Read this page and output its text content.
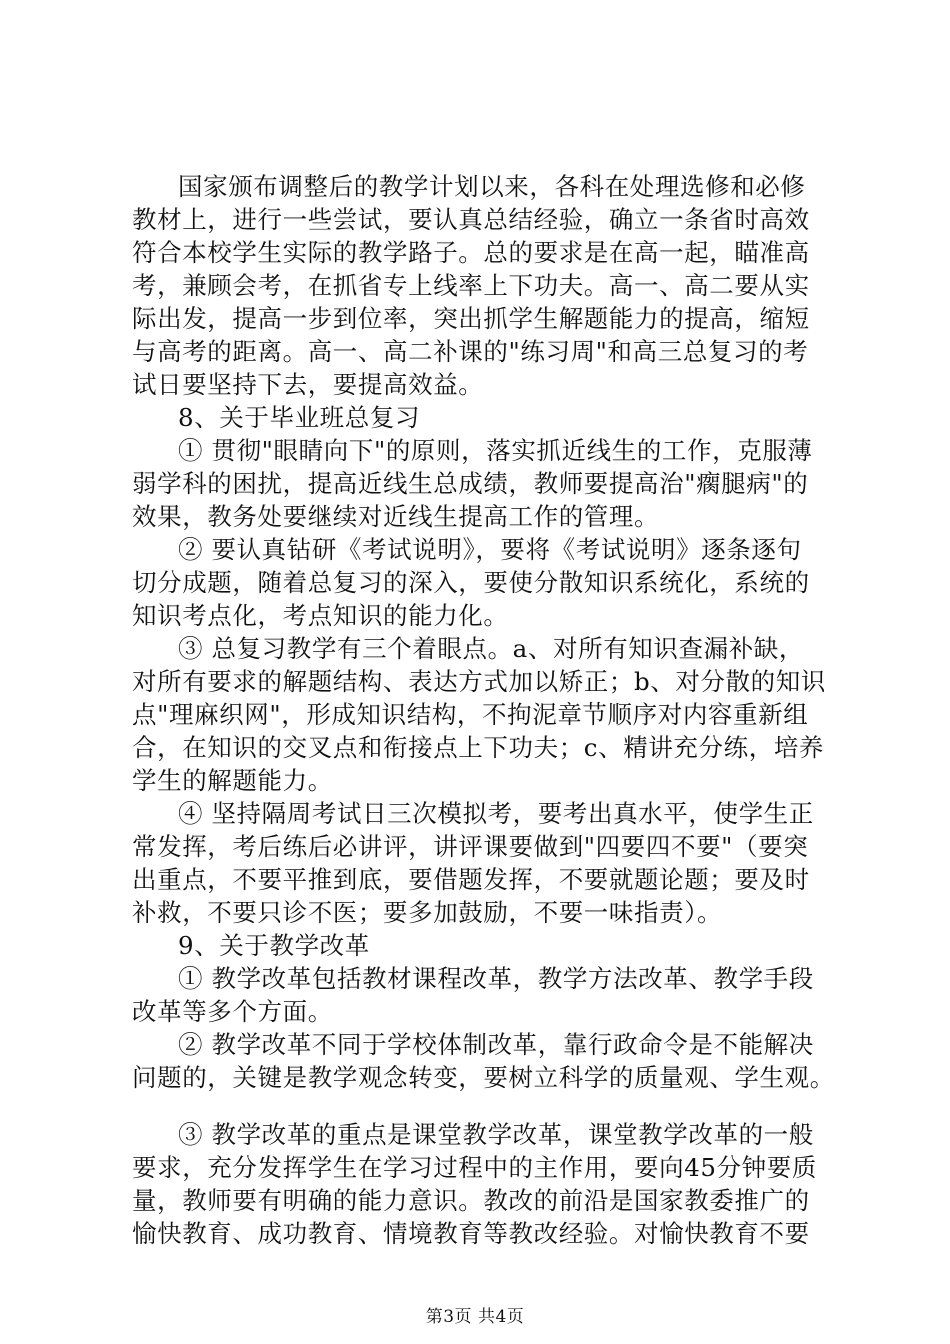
国家颁布调整后的教学计划以来，各科在处理选修和必修
教材上，进行一些尝试，要认真总结经验，确立一条省时高效
符合本校学生实际的教学路子。总的要求是在高一起，瞄准高
考，兼顾会考，在抓省专上线率上下功夫。高一、高二要从实
际出发，提高一步到位率，突出抓学生解题能力的提高，缩短
与高考的距离。高一、高二补课的"练习周"和高三总复习的考
试日要坚持下去，要提高效益。
8、关于毕业班总复习
① 贯彻"眼睛向下"的原则，落实抓近线生的工作，克服薄
弱学科的困扰，提高近线生总成绩，教师要提高治"瘸腿病"的
效果，教务处要继续对近线生提高工作的管理。
② 要认真钻研《考试说明》，要将《考试说明》逐条逐句
切分成题，随着总复习的深入，要使分散知识系统化，系统的
知识考点化，考点知识的能力化。
③ 总复习教学有三个着眼点。a、对所有知识查漏补缺，
对所有要求的解题结构、表达方式加以矫正；b、对分散的知识
点"理麻织网"，形成知识结构，不拘泥章节顺序对内容重新组
合，在知识的交叉点和衔接点上下功夫；c、精讲充分练，培养
学生的解题能力。
④ 坚持隔周考试日三次模拟考，要考出真水平，使学生正
常发挥，考后练后必讲评，讲评课要做到"四要四不要"（要突
出重点，不要平推到底，要借题发挥，不要就题论题；要及时
补救，不要只诊不医；要多加鼓励，不要一味指责）。
9、关于教学改革
① 教学改革包括教材课程改革，教学方法改革、教学手段
改革等多个方面。
② 教学改革不同于学校体制改革，靠行政命令是不能解决
问题的，关键是教学观念转变，要树立科学的质量观、学生观。
③ 教学改革的重点是课堂教学改革，课堂教学改革的一般
要求，充分发挥学生在学习过程中的主作用，要向45分钟要质
量，教师要有明确的能力意识。教改的前沿是国家教委推广的
愉快教育、成功教育、情境教育等教改经验。对愉快教育不要
第3页 共4页
